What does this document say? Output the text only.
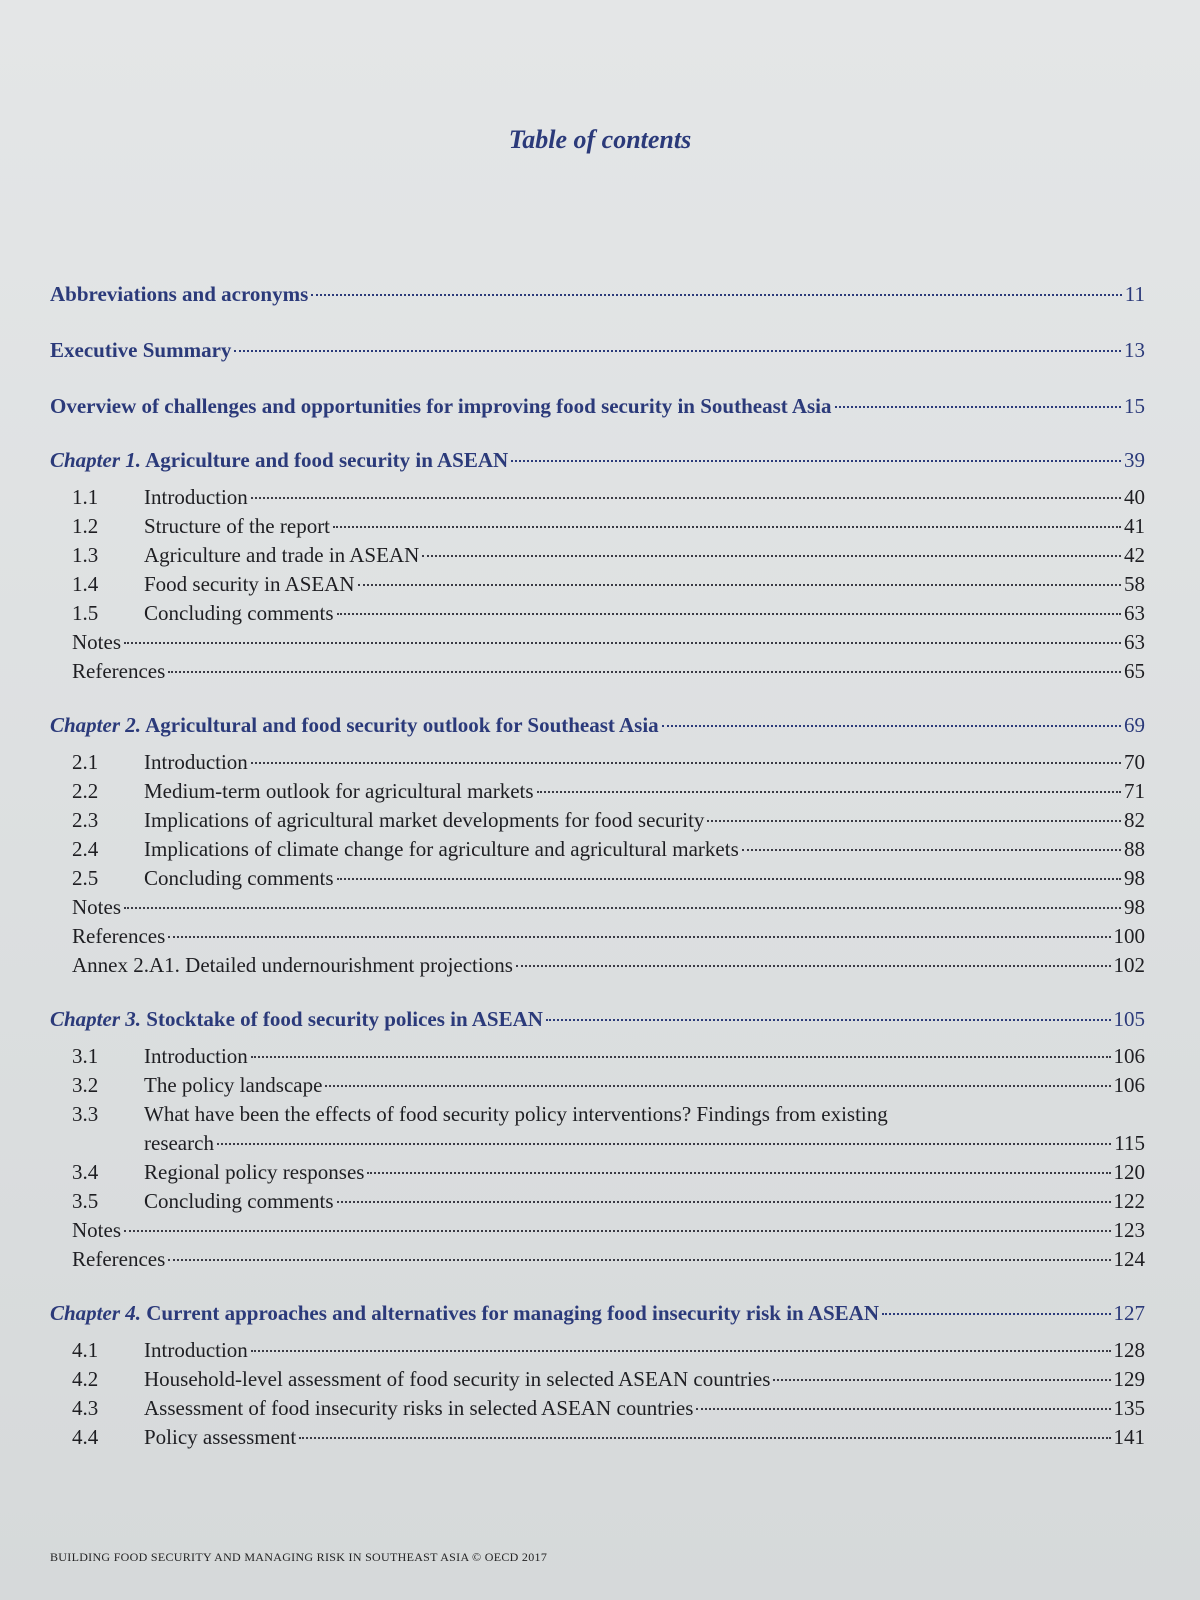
Table of contents
Abbreviations and acronyms	11
Executive Summary	13
Overview of challenges and opportunities for improving food security in Southeast Asia	15
Chapter 1. Agriculture and food security in ASEAN	39
1.1	Introduction	40
1.2	Structure of the report	41
1.3	Agriculture and trade in ASEAN	42
1.4	Food security in ASEAN	58
1.5	Concluding comments	63
Notes	63
References	65
Chapter 2. Agricultural and food security outlook for Southeast Asia	69
2.1	Introduction	70
2.2	Medium-term outlook for agricultural markets	71
2.3	Implications of agricultural market developments for food security	82
2.4	Implications of climate change for agriculture and agricultural markets	88
2.5	Concluding comments	98
Notes	98
References	100
Annex 2.A1. Detailed undernourishment projections	102
Chapter 3. Stocktake of food security polices in ASEAN	105
3.1	Introduction	106
3.2	The policy landscape	106
3.3	What have been the effects of food security policy interventions? Findings from existing
research	115
3.4	Regional policy responses	120
3.5	Concluding comments	122
Notes	123
References	124
Chapter 4. Current approaches and alternatives for managing food insecurity risk in ASEAN	127
4.1	Introduction	128
4.2	Household-level assessment of food security in selected ASEAN countries	129
4.3	Assessment of food insecurity risks in selected ASEAN countries	135
4.4	Policy assessment	141
BUILDING FOOD SECURITY AND MANAGING RISK IN SOUTHEAST ASIA © OECD 2017
